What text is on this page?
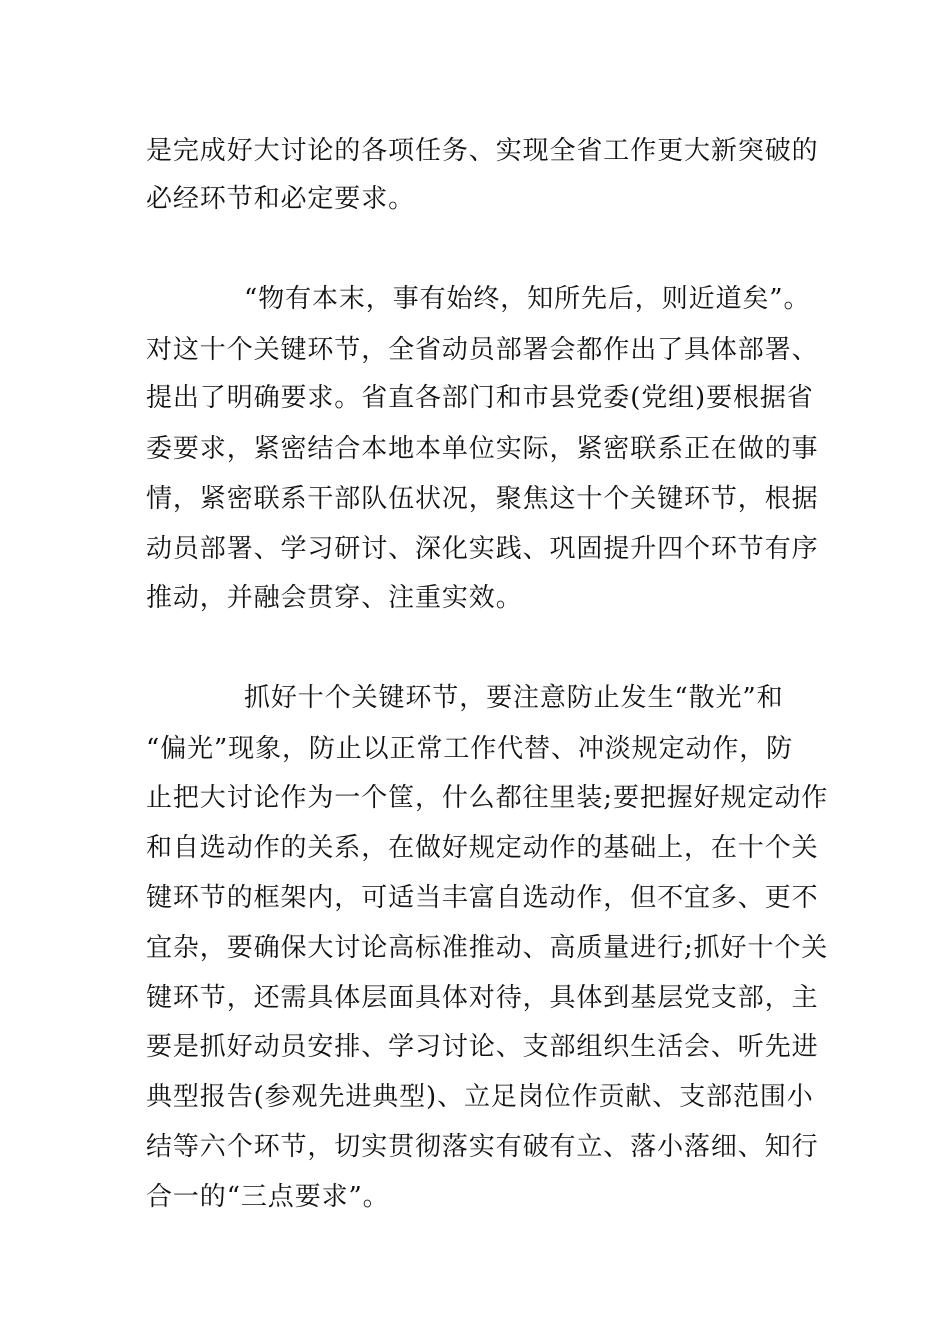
是完成好大讨论的各项任务、实现全省工作更大新突破的

必经环节和必定要求。

“物有本末，事有始终，知所先后，则近道矣”。

对这十个关键环节，全省动员部署会都作出了具体部署、

提出了明确要求。省直各部门和市县党委(党组)要根据省

委要求，紧密结合本地本单位实际，紧密联系正在做的事

情，紧密联系干部队伍状况，聚焦这十个关键环节，根据

动员部署、学习研讨、深化实践、巩固提升四个环节有序

推动，并融会贯穿、注重实效。

抓好十个关键环节，要注意防止发生“散光”和

“偏光”现象，防止以正常工作代替、冲淡规定动作，防

止把大讨论作为一个筐，什么都往里装;要把握好规定动作

和自选动作的关系，在做好规定动作的基础上，在十个关

键环节的框架内，可适当丰富自选动作，但不宜多、更不

宜杂，要确保大讨论高标准推动、高质量进行;抓好十个关

键环节，还需具体层面具体对待，具体到基层党支部，主

要是抓好动员安排、学习讨论、支部组织生活会、听先进

典型报告(参观先进典型)、立足岗位作贡献、支部范围小

结等六个环节，切实贯彻落实有破有立、落小落细、知行

合一的“三点要求”。
